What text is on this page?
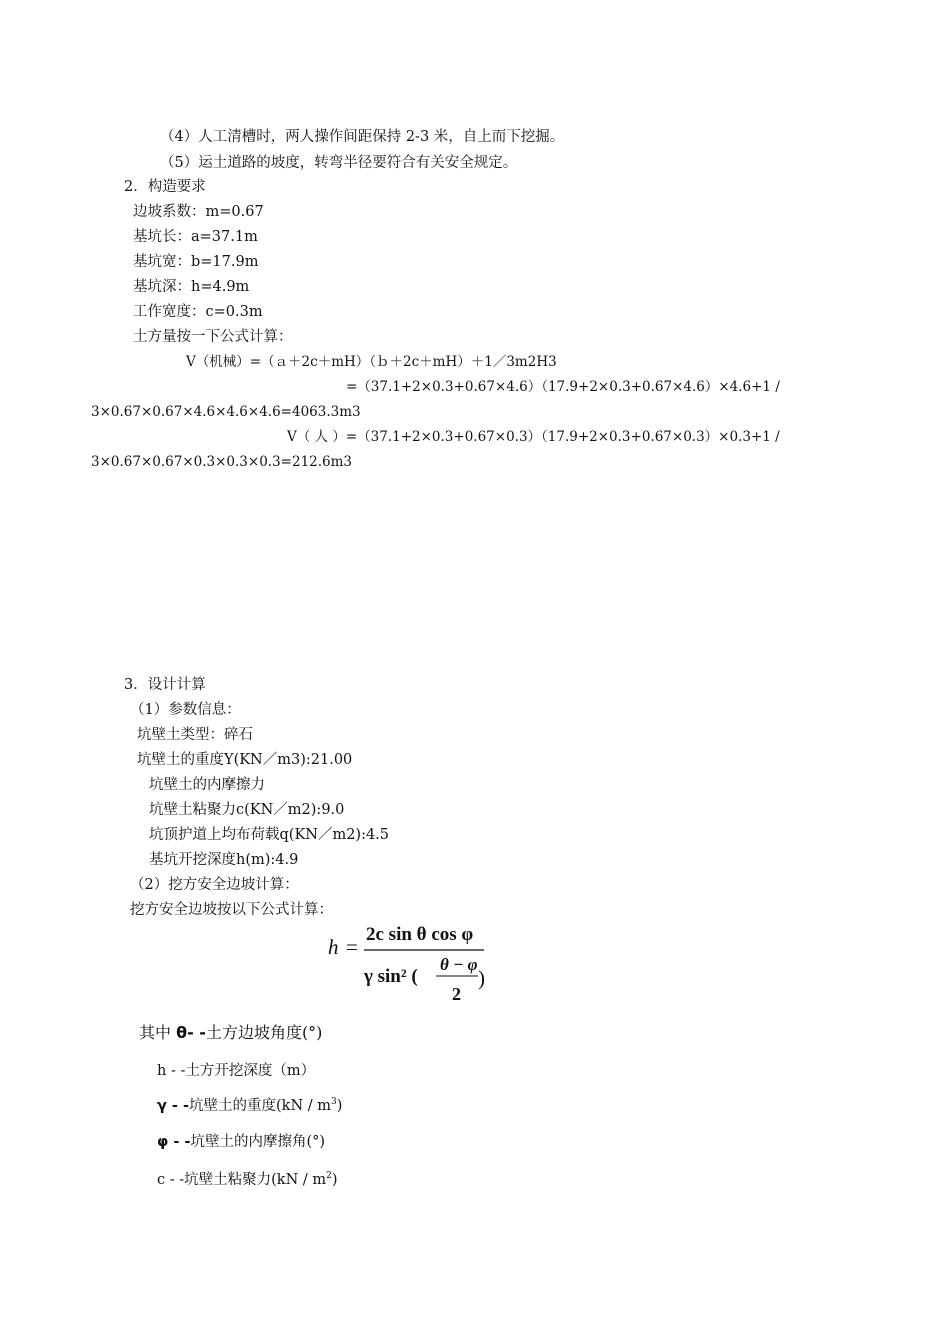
（4）人工清槽时，两人操作间距保持 2-3 米，自上而下挖掘。
（5）运土道路的坡度，转弯半径要符合有关安全规定。
2．构造要求
边坡系数：m=0.67
基坑长：a=37.1m
基坑宽：b=17.9m
基坑深：h=4.9m
工作宽度：c=0.3m
土方量按一下公式计算：
V（机械）=（ａ＋2c＋mH）（ｂ＋2c＋mH）＋1／3m2H3
=（37.1+2×0.3+0.67×4.6）（17.9+2×0.3+0.67×4.6）×4.6+1 /
3×0.67×0.67×4.6×4.6×4.6=4063.3m3
V（ 人 ）=（37.1+2×0.3+0.67×0.3）（17.9+2×0.3+0.67×0.3）×0.3+1 /
3×0.67×0.67×0.3×0.3×0.3=212.6m3
3．设计计算
（1）参数信息：
坑壁土类型：碎石
坑壁土的重度Υ(KN／m3):21.00
坑壁土的内摩擦力
坑壁土粘聚力c(KN／m2):9.0
坑顶护道上均布荷载q(KN／m2):4.5
基坑开挖深度h(m):4.9
（2）挖方安全边坡计算：
挖方安全边坡按以下公式计算：
h =
2c sin θ cos φ
γ sin² (
θ − φ
2
)
其中 θ- -土方边坡角度(°)
h - -土方开挖深度（m）
γ - -坑壁土的重度$(kN / m^3)$
φ - -坑壁土的内摩擦角(°)
c - -坑壁土粘聚力$(kN / m^2)$
